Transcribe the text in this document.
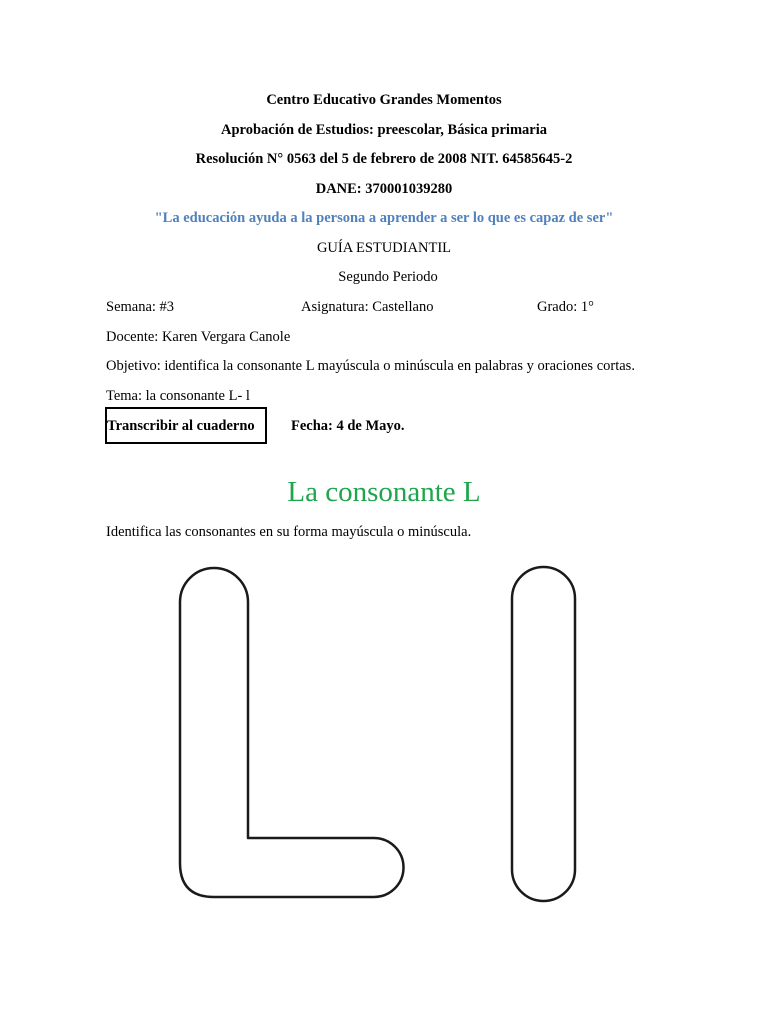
Centro Educativo Grandes Momentos
Aprobación de Estudios: preescolar, Básica primaria
Resolución N° 0563 del 5 de febrero de 2008 NIT. 64585645-2
DANE: 370001039280
"La educación ayuda a la persona a aprender a ser lo que es capaz de ser"
GUÍA ESTUDIANTIL
Segundo Periodo
Semana: #3	Asignatura: Castellano	Grado: 1°
Docente: Karen Vergara Canole
Objetivo: identifica la consonante L mayúscula o minúscula en palabras y oraciones cortas.
Tema: la consonante L- l
Transcribir al cuaderno	Fecha: 4 de Mayo.
La consonante L
Identifica las consonantes en su forma mayúscula o minúscula.
